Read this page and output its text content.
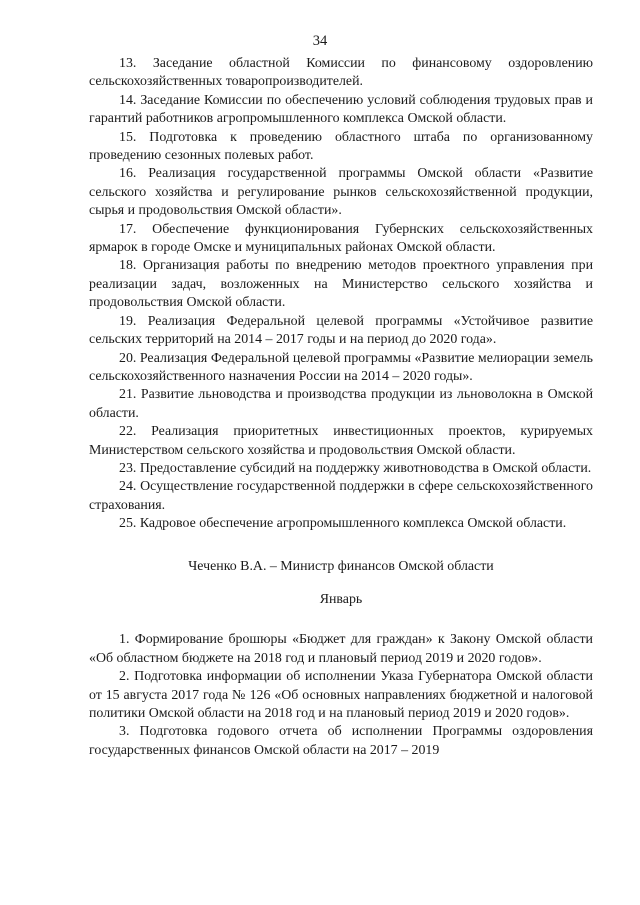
34

13. Заседание областной Комиссии по финансовому оздоровлению сельскохозяйственных товаропроизводителей.

14. Заседание Комиссии по обеспечению условий соблюдения трудовых прав и гарантий работников агропромышленного комплекса Омской области.

15. Подготовка к проведению областного штаба по организованному проведению сезонных полевых работ.

16. Реализация государственной программы Омской области «Развитие сельского хозяйства и регулирование рынков сельскохозяйственной продукции, сырья и продовольствия Омской области».

17. Обеспечение функционирования Губернских сельскохозяйственных ярмарок в городе Омске и муниципальных районах Омской области.

18. Организация работы по внедрению методов проектного управления при реализации задач, возложенных на Министерство сельского хозяйства и продовольствия Омской области.

19. Реализация Федеральной целевой программы «Устойчивое развитие сельских территорий на 2014 – 2017 годы и на период до 2020 года».

20. Реализация Федеральной целевой программы «Развитие мелиорации земель сельскохозяйственного назначения России на 2014 – 2020 годы».

21. Развитие льноводства и производства продукции из льноволокна в Омской области.

22. Реализация приоритетных инвестиционных проектов, курируемых Министерством сельского хозяйства и продовольствия Омской области.

23. Предоставление субсидий на поддержку животноводства в Омской области.

24. Осуществление государственной поддержки в сфере сельскохозяйственного страхования.

25. Кадровое обеспечение агропромышленного комплекса Омской области.

Чеченко В.А. – Министр финансов Омской области

Январь

1. Формирование брошюры «Бюджет для граждан» к Закону Омской области «Об областном бюджете на 2018 год и плановый период 2019 и 2020 годов».

2. Подготовка информации об исполнении Указа Губернатора Омской области от 15 августа 2017 года № 126 «Об основных направлениях бюджетной и налоговой политики Омской области на 2018 год и на плановый период 2019 и 2020 годов».

3. Подготовка годового отчета об исполнении Программы оздоровления государственных финансов Омской области на 2017 – 2019
